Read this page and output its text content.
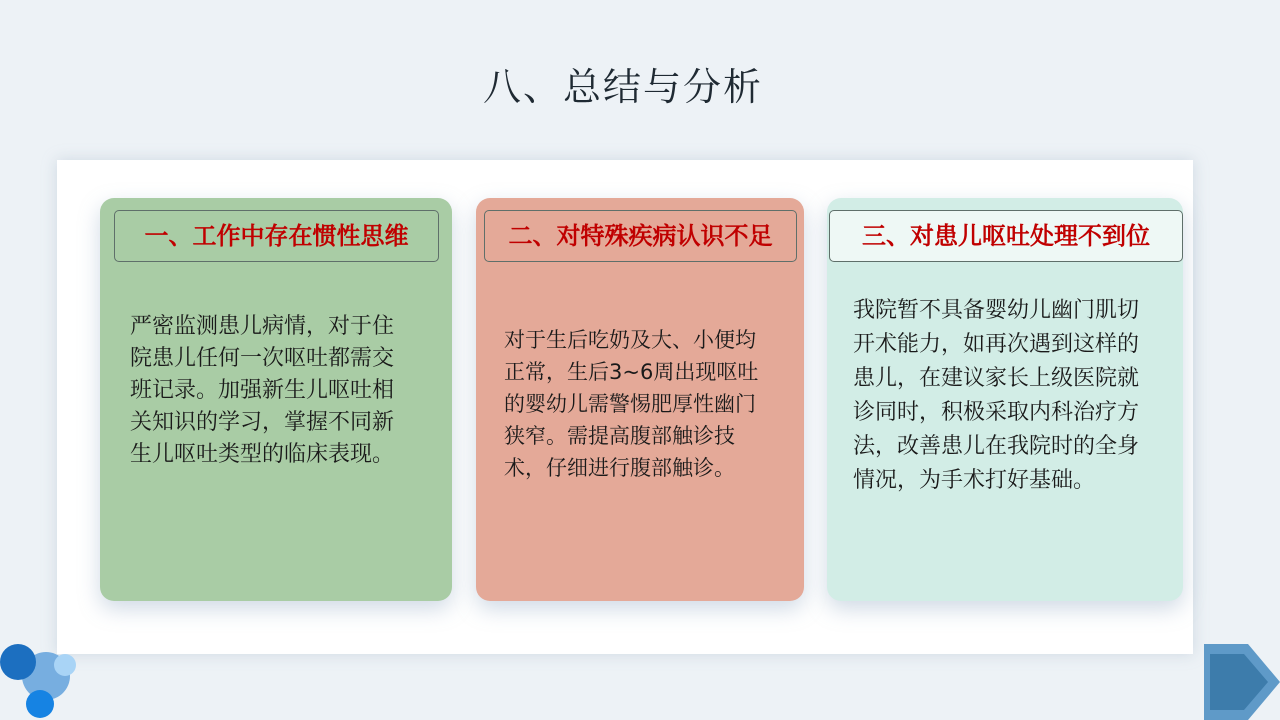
八、总结与分析
一、工作中存在惯性思维
严密监测患儿病情，对于住院患儿任何一次呕吐都需交班记录。加强新生儿呕吐相关知识的学习，掌握不同新生儿呕吐类型的临床表现。
二、对特殊疾病认识不足
对于生后吃奶及大、小便均正常，生后3~6周出现呕吐的婴幼儿需警惕肥厚性幽门狭窄。需提高腹部触诊技术，仔细进行腹部触诊。
三、对患儿呕吐处理不到位
我院暂不具备婴幼儿幽门肌切开术能力，如再次遇到这样的患儿，在建议家长上级医院就诊同时，积极采取内科治疗方法，改善患儿在我院时的全身情况，为手术打好基础。
